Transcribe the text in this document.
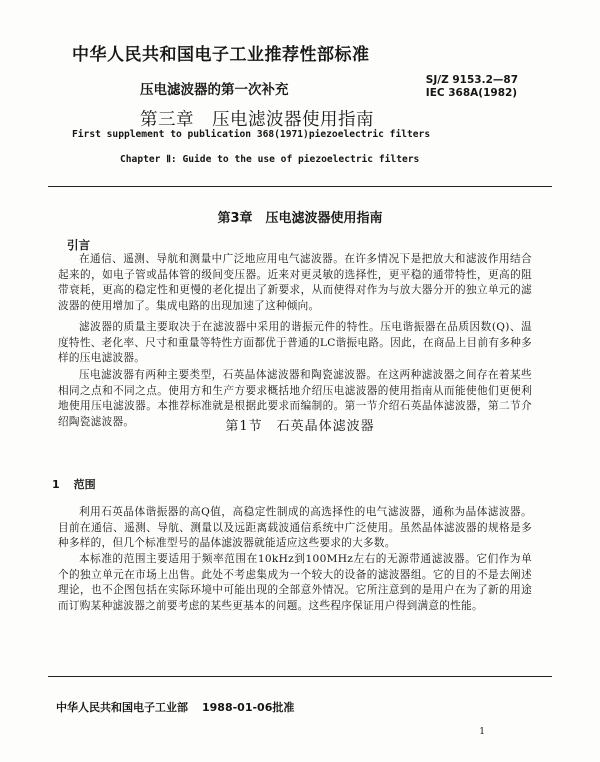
中华人民共和国电子工业推荐性部标准
压电滤波器的第一次补充
第三章　压电滤波器使用指南
SJ/Z 9153.2—87
IEC 368A(1982)
First supplement to publication 368(1971)piezoelectric filters
Chapter Ⅱ: Guide to the use of piezoelectric filters
第3章　压电滤波器使用指南
引言
在通信、遥测、导航和测量中广泛地应用电气滤波器。在许多情况下是把放大和滤波作用结合起来的，如电子管或晶体管的级间变压器。近来对更灵敏的选择性，更平稳的通带特性，更高的阻带衰耗，更高的稳定性和更慢的老化提出了新要求，从而使得对作为与放大器分开的独立单元的滤波器的使用增加了。集成电路的出现加速了这种倾向。
滤波器的质量主要取决于在滤波器中采用的谐振元件的特性。压电谐振器在品质因数(Q)、温度特性、老化率、尺寸和重量等特性方面都优于普通的LC谐振电路。因此，在商品上目前有多种多样的压电滤波器。
压电滤波器有两种主要类型，石英晶体滤波器和陶瓷滤波器。在这两种滤波器之间存在着某些相同之点和不同之点。使用方和生产方要求概括地介绍压电滤波器的使用指南从而能使他们更便利地使用压电滤波器。本推荐标准就是根据此要求而编制的。第一节介绍石英晶体滤波器，第二节介绍陶瓷滤波器。	第1节　石英晶体滤波器
1 范围
利用石英晶体谐振器的高Q值，高稳定性制成的高选择性的电气滤波器，通称为晶体滤波器。目前在通信、遥测、导航、测量以及远距离载波通信系统中广泛使用。虽然晶体滤波器的规格是多种多样的，但几个标准型号的晶体滤波器就能适应这些要求的大多数。
本标准的范围主要适用于频率范围在10kHz到100MHz左右的无源带通滤波器。它们作为单个的独立单元在市场上出售。此处不考虑集成为一个较大的设备的滤波器组。它的目的不是去阐述理论，也不企图包括在实际环境中可能出现的全部意外情况。它所注意到的是用户在为了新的用途而订购某种滤波器之前要考虑的某些更基本的问题。这些程序保证用户得到满意的性能。
中华人民共和国电子工业部 1988-01-06批准
1
